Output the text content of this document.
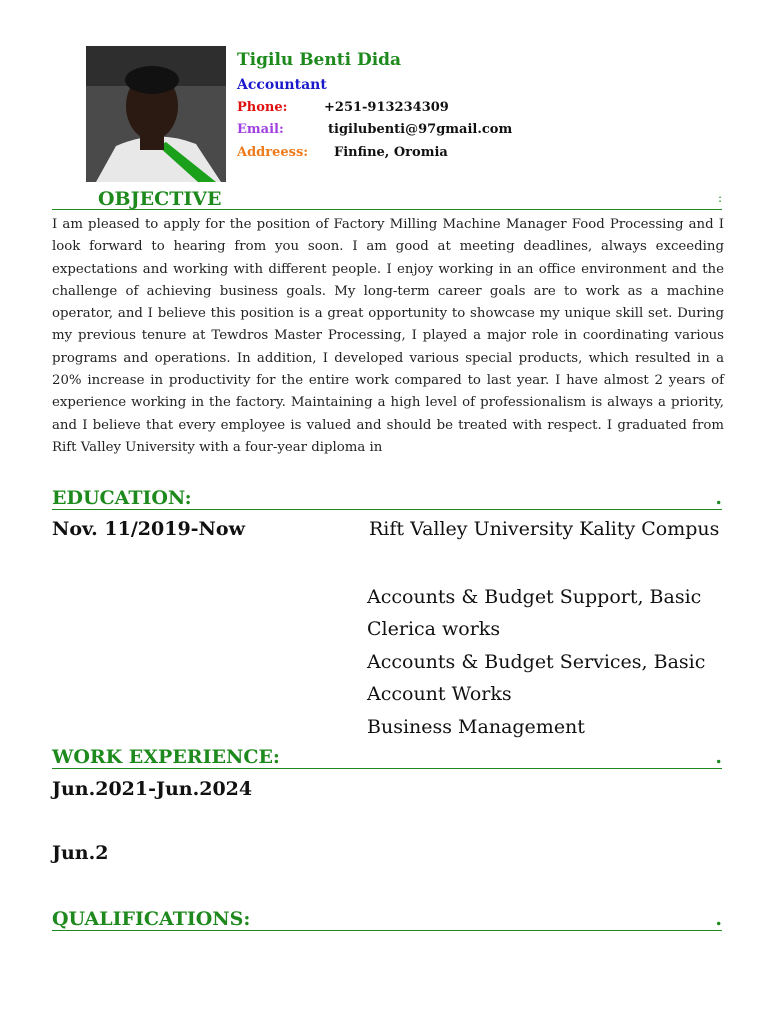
Tigilu Benti Dida
Accountant
Phone:	+251-913234309
Email:	tigilubenti@97gmail.com
Addreess: Finfine, Oromia
OBJECTIVE	:
I am pleased to apply for the position of Factory Milling Machine Manager Food Processing and I look forward to hearing from you soon. I am good at meeting deadlines, always exceeding expectations and working with different people. I enjoy working in an office environment and the challenge of achieving business goals. My long-term career goals are to work as a machine operator, and I believe this position is a great opportunity to showcase my unique skill set. During my previous tenure at Tewdros Master Processing, I played a major role in coordinating various programs and operations. In addition, I developed various special products, which resulted in a 20% increase in productivity for the entire work compared to last year. I have almost 2 years of experience working in the factory. Maintaining a high level of professionalism is always a priority, and I believe that every employee is valued and should be treated with respect. I graduated from Rift Valley University with a four-year diploma in
EDUCATION:	.
Nov. 11/2019-Now	Rift Valley University Kality Compus
Accounts & Budget Support, Basic Clerica works
Accounts & Budget Services, Basic Account Works
Business Management
WORK EXPERIENCE:	.
Jun.2021-Jun.2024
Jun.2
QUALIFICATIONS:	.
